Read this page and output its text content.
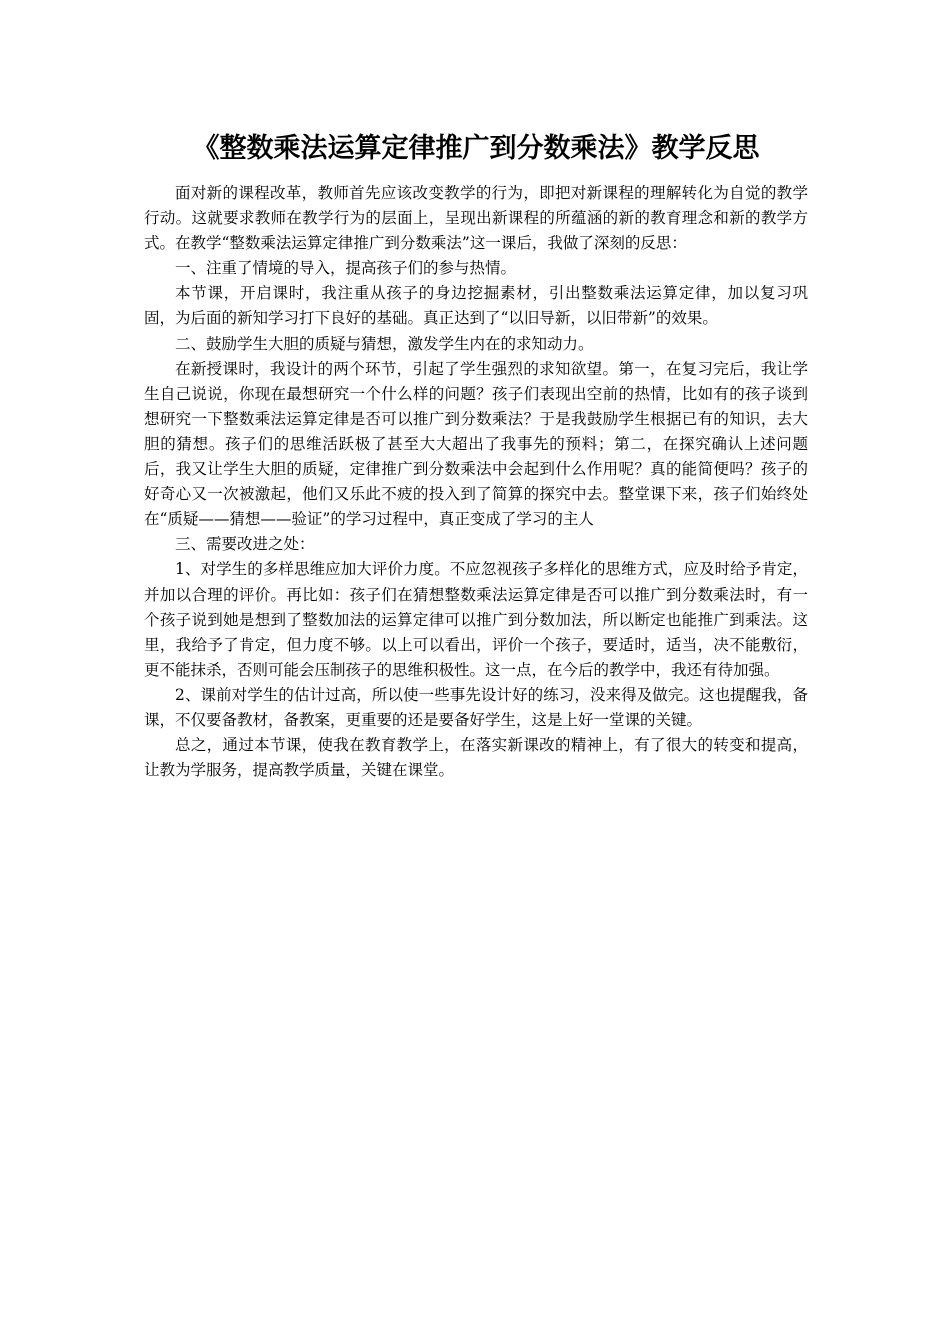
《整数乘法运算定律推广到分数乘法》教学反思

面对新的课程改革，教师首先应该改变教学的行为，即把对新课程的理解转化为自觉的教学行动。这就要求教师在教学行为的层面上，呈现出新课程的所蕴涵的新的教育理念和新的教学方式。在教学“整数乘法运算定律推广到分数乘法”这一课后，我做了深刻的反思：

一、注重了情境的导入，提高孩子们的参与热情。

本节课，开启课时，我注重从孩子的身边挖掘素材，引出整数乘法运算定律，加以复习巩固，为后面的新知学习打下良好的基础。真正达到了“以旧导新，以旧带新”的效果。

二、鼓励学生大胆的质疑与猜想，激发学生内在的求知动力。

在新授课时，我设计的两个环节，引起了学生强烈的求知欲望。第一，在复习完后，我让学生自己说说，你现在最想研究一个什么样的问题？孩子们表现出空前的热情，比如有的孩子谈到想研究一下整数乘法运算定律是否可以推广到分数乘法？于是我鼓励学生根据已有的知识，去大胆的猜想。孩子们的思维活跃极了甚至大大超出了我事先的预料；第二，在探究确认上述问题后，我又让学生大胆的质疑，定律推广到分数乘法中会起到什么作用呢？真的能简便吗？孩子的好奇心又一次被激起，他们又乐此不疲的投入到了简算的探究中去。整堂课下来，孩子们始终处在“质疑——猜想——验证”的学习过程中，真正变成了学习的主人

三、需要改进之处：

1、对学生的多样思维应加大评价力度。不应忽视孩子多样化的思维方式，应及时给予肯定，并加以合理的评价。再比如：孩子们在猜想整数乘法运算定律是否可以推广到分数乘法时，有一个孩子说到她是想到了整数加法的运算定律可以推广到分数加法，所以断定也能推广到乘法。这里，我给予了肯定，但力度不够。以上可以看出，评价一个孩子，要适时，适当，决不能敷衍，更不能抹杀，否则可能会压制孩子的思维积极性。这一点，在今后的教学中，我还有待加强。

2、课前对学生的估计过高，所以使一些事先设计好的练习，没来得及做完。这也提醒我，备课，不仅要备教材，备教案，更重要的还是要备好学生，这是上好一堂课的关键。

总之，通过本节课，使我在教育教学上，在落实新课改的精神上，有了很大的转变和提高，让教为学服务，提高教学质量，关键在课堂。
